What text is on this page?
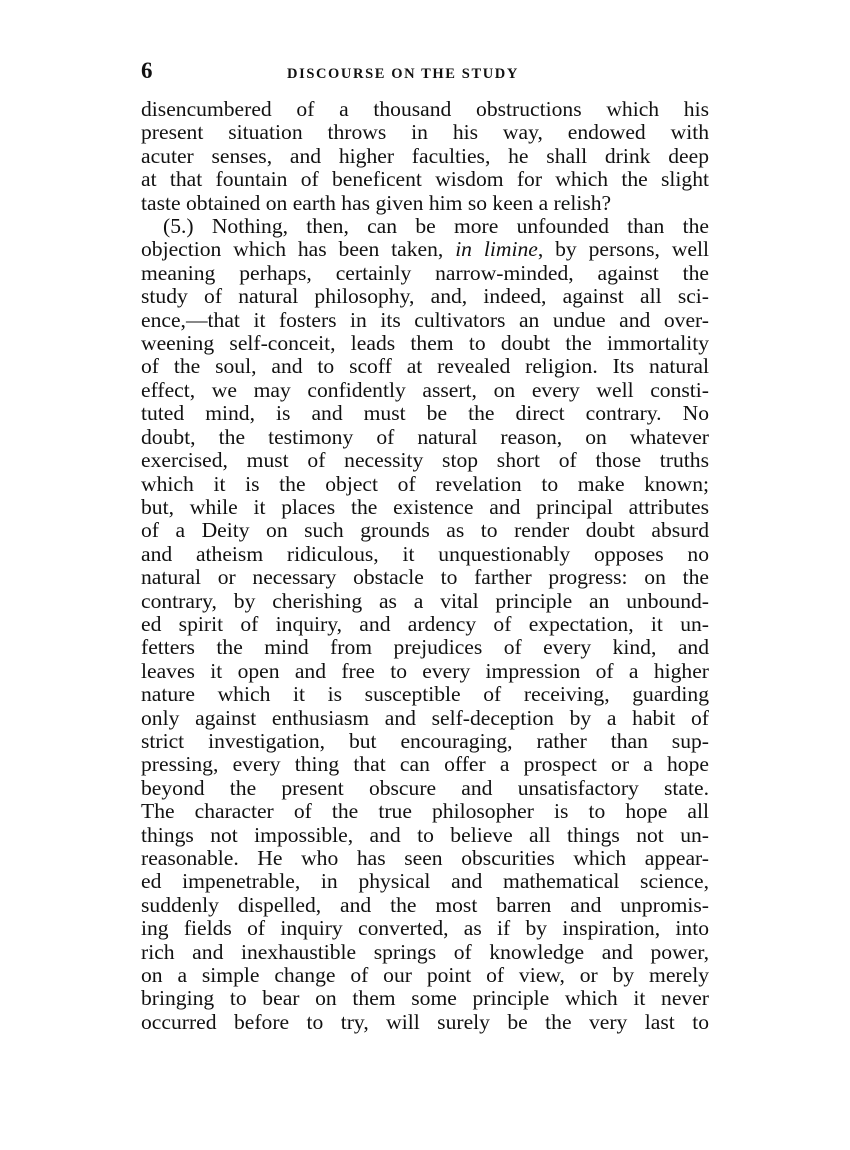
6	DISCOURSE ON THE STUDY
disencumbered of a thousand obstructions which his
present situation throws in his way, endowed with
acuter senses, and higher faculties, he shall drink deep
at that fountain of beneficent wisdom for which the slight
taste obtained on earth has given him so keen a relish?
(5.) Nothing, then, can be more unfounded than the
objection which has been taken, in limine, by persons, well
meaning perhaps, certainly narrow-minded, against the
study of natural philosophy, and, indeed, against all sci-
ence,—that it fosters in its cultivators an undue and over-
weening self-conceit, leads them to doubt the immortality
of the soul, and to scoff at revealed religion. Its natural
effect, we may confidently assert, on every well consti-
tuted mind, is and must be the direct contrary. No
doubt, the testimony of natural reason, on whatever
exercised, must of necessity stop short of those truths
which it is the object of revelation to make known;
but, while it places the existence and principal attributes
of a Deity on such grounds as to render doubt absurd
and atheism ridiculous, it unquestionably opposes no
natural or necessary obstacle to farther progress: on the
contrary, by cherishing as a vital principle an unbound-
ed spirit of inquiry, and ardency of expectation, it un-
fetters the mind from prejudices of every kind, and
leaves it open and free to every impression of a higher
nature which it is susceptible of receiving, guarding
only against enthusiasm and self-deception by a habit of
strict investigation, but encouraging, rather than sup-
pressing, every thing that can offer a prospect or a hope
beyond the present obscure and unsatisfactory state.
The character of the true philosopher is to hope all
things not impossible, and to believe all things not un-
reasonable. He who has seen obscurities which appear-
ed impenetrable, in physical and mathematical science,
suddenly dispelled, and the most barren and unpromis-
ing fields of inquiry converted, as if by inspiration, into
rich and inexhaustible springs of knowledge and power,
on a simple change of our point of view, or by merely
bringing to bear on them some principle which it never
occurred before to try, will surely be the very last to
